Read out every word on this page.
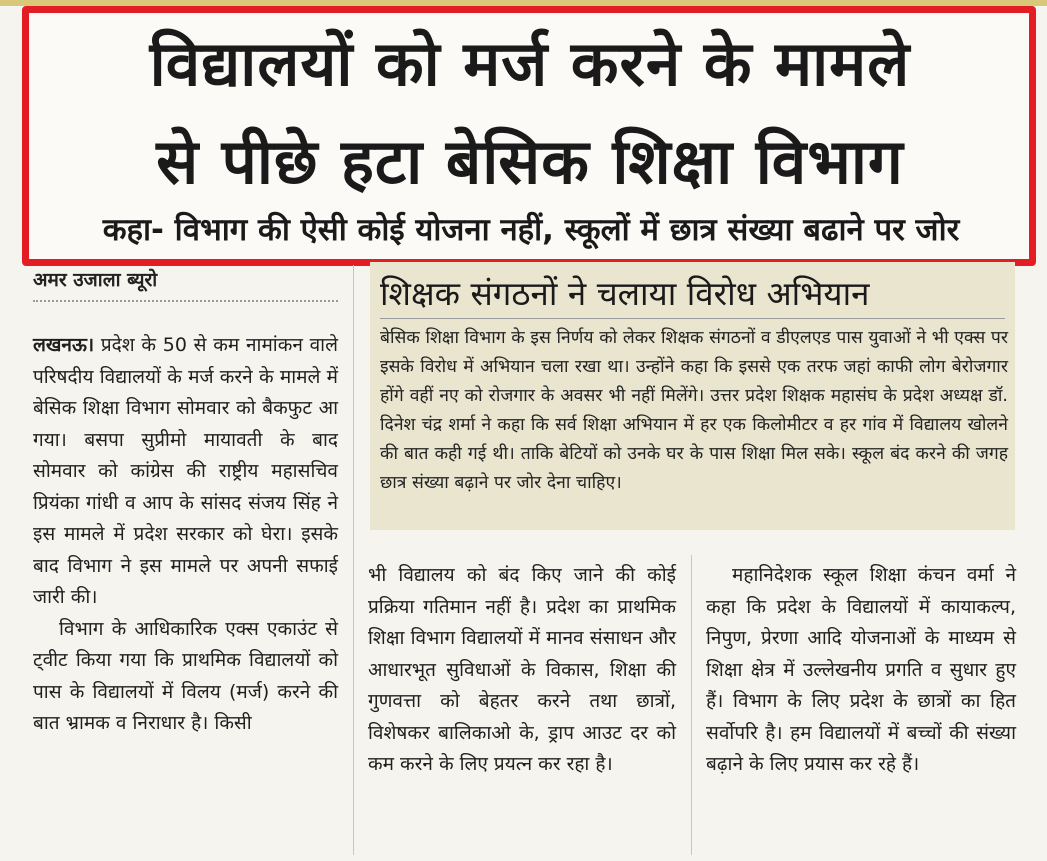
विद्यालयों को मर्ज करने के मामले
से पीछे हटा बेसिक शिक्षा विभाग
कहा- विभाग की ऐसी कोई योजना नहीं, स्कूलों में छात्र संख्या बढाने पर जोर
अमर उजाला ब्यूरो

लखनऊ। प्रदेश के 50 से कम नामांकन वाले परिषदीय विद्यालयों के मर्ज करने के मामले में बेसिक शिक्षा विभाग सोमवार को बैकफुट आ गया। बसपा सुप्रीमो मायावती के बाद सोमवार को कांग्रेस की राष्ट्रीय महासचिव प्रियंका गांधी व आप के सांसद संजय सिंह ने इस मामले में प्रदेश सरकार को घेरा। इसके बाद विभाग ने इस मामले पर अपनी सफाई जारी की।

विभाग के आधिकारिक एक्स एकाउंट से ट्वीट किया गया कि प्राथमिक विद्यालयों को पास के विद्यालयों में विलय (मर्ज) करने की बात भ्रामक व निराधार है। किसी

शिक्षक संगठनों ने चलाया विरोध अभियान
बेसिक शिक्षा विभाग के इस निर्णय को लेकर शिक्षक संगठनों व डीएलएड पास युवाओं ने भी एक्स पर इसके विरोध में अभियान चला रखा था। उन्होंने कहा कि इससे एक तरफ जहां काफी लोग बेरोजगार होंगे वहीं नए को रोजगार के अवसर भी नहीं मिलेंगे। उत्तर प्रदेश शिक्षक महासंघ के प्रदेश अध्यक्ष डॉ. दिनेश चंद्र शर्मा ने कहा कि सर्व शिक्षा अभियान में हर एक किलोमीटर व हर गांव में विद्यालय खोलने की बात कही गई थी। ताकि बेटियों को उनके घर के पास शिक्षा मिल सके। स्कूल बंद करने की जगह छात्र संख्या बढ़ाने पर जोर देना चाहिए।

भी विद्यालय को बंद किए जाने की कोई प्रक्रिया गतिमान नहीं है। प्रदेश का प्राथमिक शिक्षा विभाग विद्यालयों में मानव संसाधन और आधारभूत सुविधाओं के विकास, शिक्षा की गुणवत्ता को बेहतर करने तथा छात्रों, विशेषकर बालिकाओ के, ड्राप आउट दर को कम करने के लिए प्रयत्न कर रहा है।

महानिदेशक स्कूल शिक्षा कंचन वर्मा ने कहा कि प्रदेश के विद्यालयों में कायाकल्प, निपुण, प्रेरणा आदि योजनाओं के माध्यम से शिक्षा क्षेत्र में उल्लेखनीय प्रगति व सुधार हुए हैं। विभाग के लिए प्रदेश के छात्रों का हित सर्वोपरि है। हम विद्यालयों में बच्चों की संख्या बढ़ाने के लिए प्रयास कर रहे हैं।
